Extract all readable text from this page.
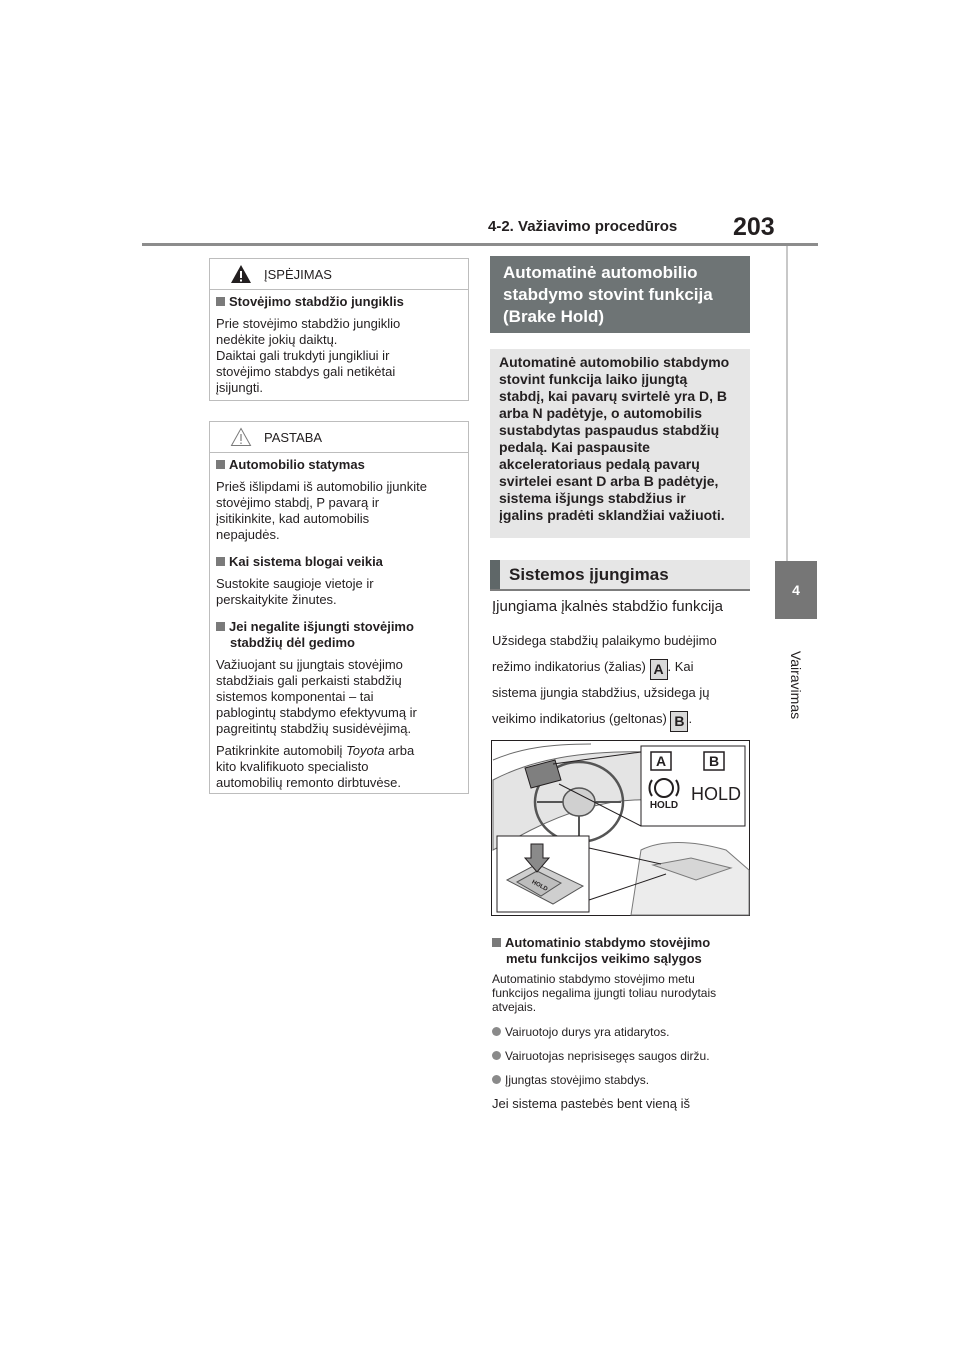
4-2. Važiavimo procedūros 203
4
Vairavimas
ĮSPĖJIMAS

Stovėjimo stabdžio jungiklis

Prie stovėjimo stabdžio jungiklio

nedėkite jokių daiktų.

Daiktai gali trukdyti jungikliui ir

stovėjimo stabdys gali netikėtai

įsijungti.

PASTABA

Automobilio statymas

Prieš išlipdami iš automobilio įjunkite

stovėjimo stabdį, P pavarą ir

įsitikinkite, kad automobilis

nepajudės.

Kai sistema blogai veikia

Sustokite saugioje vietoje ir

perskaitykite žinutes.

Jei negalite išjungti stovėjimo

stabdžių dėl gedimo

Važiuojant su įjungtais stovėjimo

stabdžiais gali perkaisti stabdžių

sistemos komponentai – tai

pablogintų stabdymo efektyvumą ir

pagreitintų stabdžių susidėvėjimą.

Patikrinkite automobilį Toyota arba

kito kvalifikuoto specialisto

automobilių remonto dirbtuvėse.

Automatinė automobilio
stabdymo stovint funkcija
(Brake Hold)
Automatinė automobilio stabdymo
stovint funkcija laiko įjungtą
stabdį, kai pavarų svirtelė yra D, B
arba N padėtyje, o automobilis
sustabdytas paspaudus stabdžių
pedalą. Kai paspausite
akceleratoriaus pedalą pavarų
svirtelei esant D arba B padėtyje,
sistema išjungs stabdžius ir
įgalins pradėti sklandžiai važiuoti.
Sistemos įjungimas
Įjungiama įkalnės stabdžio funkcija
Užsidega stabdžių palaikymo budėjimo
režimo indikatorius (žalias) A . Kai
sistema įjungia stabdžius, užsidega jų
veikimo indikatorius (geltonas) B .
A	B
HOLD
HOLD
HOLD
Automatinio stabdymo stovėjimo
metu funkcijos veikimo sąlygos

Automatinio stabdymo stovėjimo metu

funkcijos negalima įjungti toliau nurodytais

atvejais.

Vairuotojo durys yra atidarytos.

Vairuotojas neprisisegęs saugos diržu.

Įjungtas stovėjimo stabdys.

Jei sistema pastebės bent vieną iš
